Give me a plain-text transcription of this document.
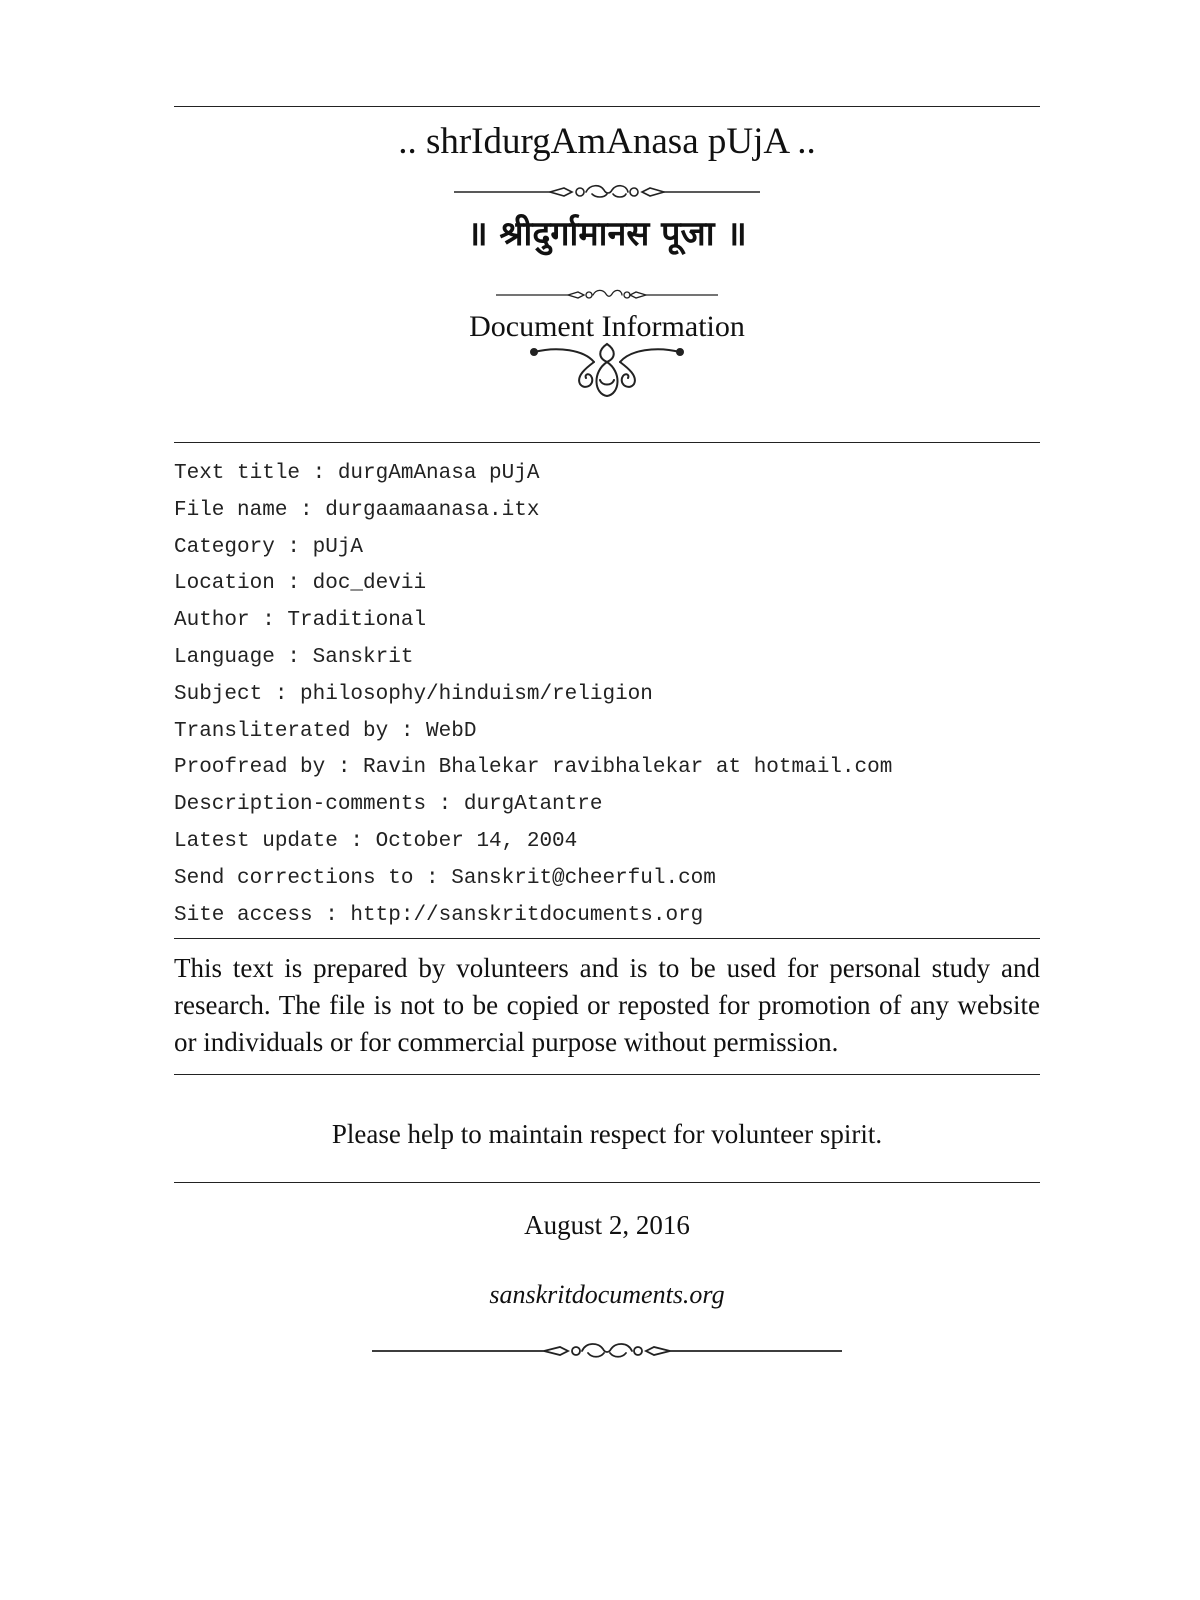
.. shrIdurgAmAnasa pUjA ..
॥ श्रीदुर्गामानस पूजा ॥
Document Information
Text title : durgAmAnasa pUjA
File name : durgaamaanasa.itx
Category : pUjA
Location : doc_devii
Author : Traditional
Language : Sanskrit
Subject : philosophy/hinduism/religion
Transliterated by : WebD
Proofread by : Ravin Bhalekar ravibhalekar at hotmail.com
Description-comments : durgAtantre
Latest update : October 14, 2004
Send corrections to : Sanskrit@cheerful.com
Site access : http://sanskritdocuments.org
This text is prepared by volunteers and is to be used for personal study and research. The file is not to be copied or reposted for promotion of any website or individuals or for commercial purpose without permission.
Please help to maintain respect for volunteer spirit.
August 2, 2016
sanskritdocuments.org
